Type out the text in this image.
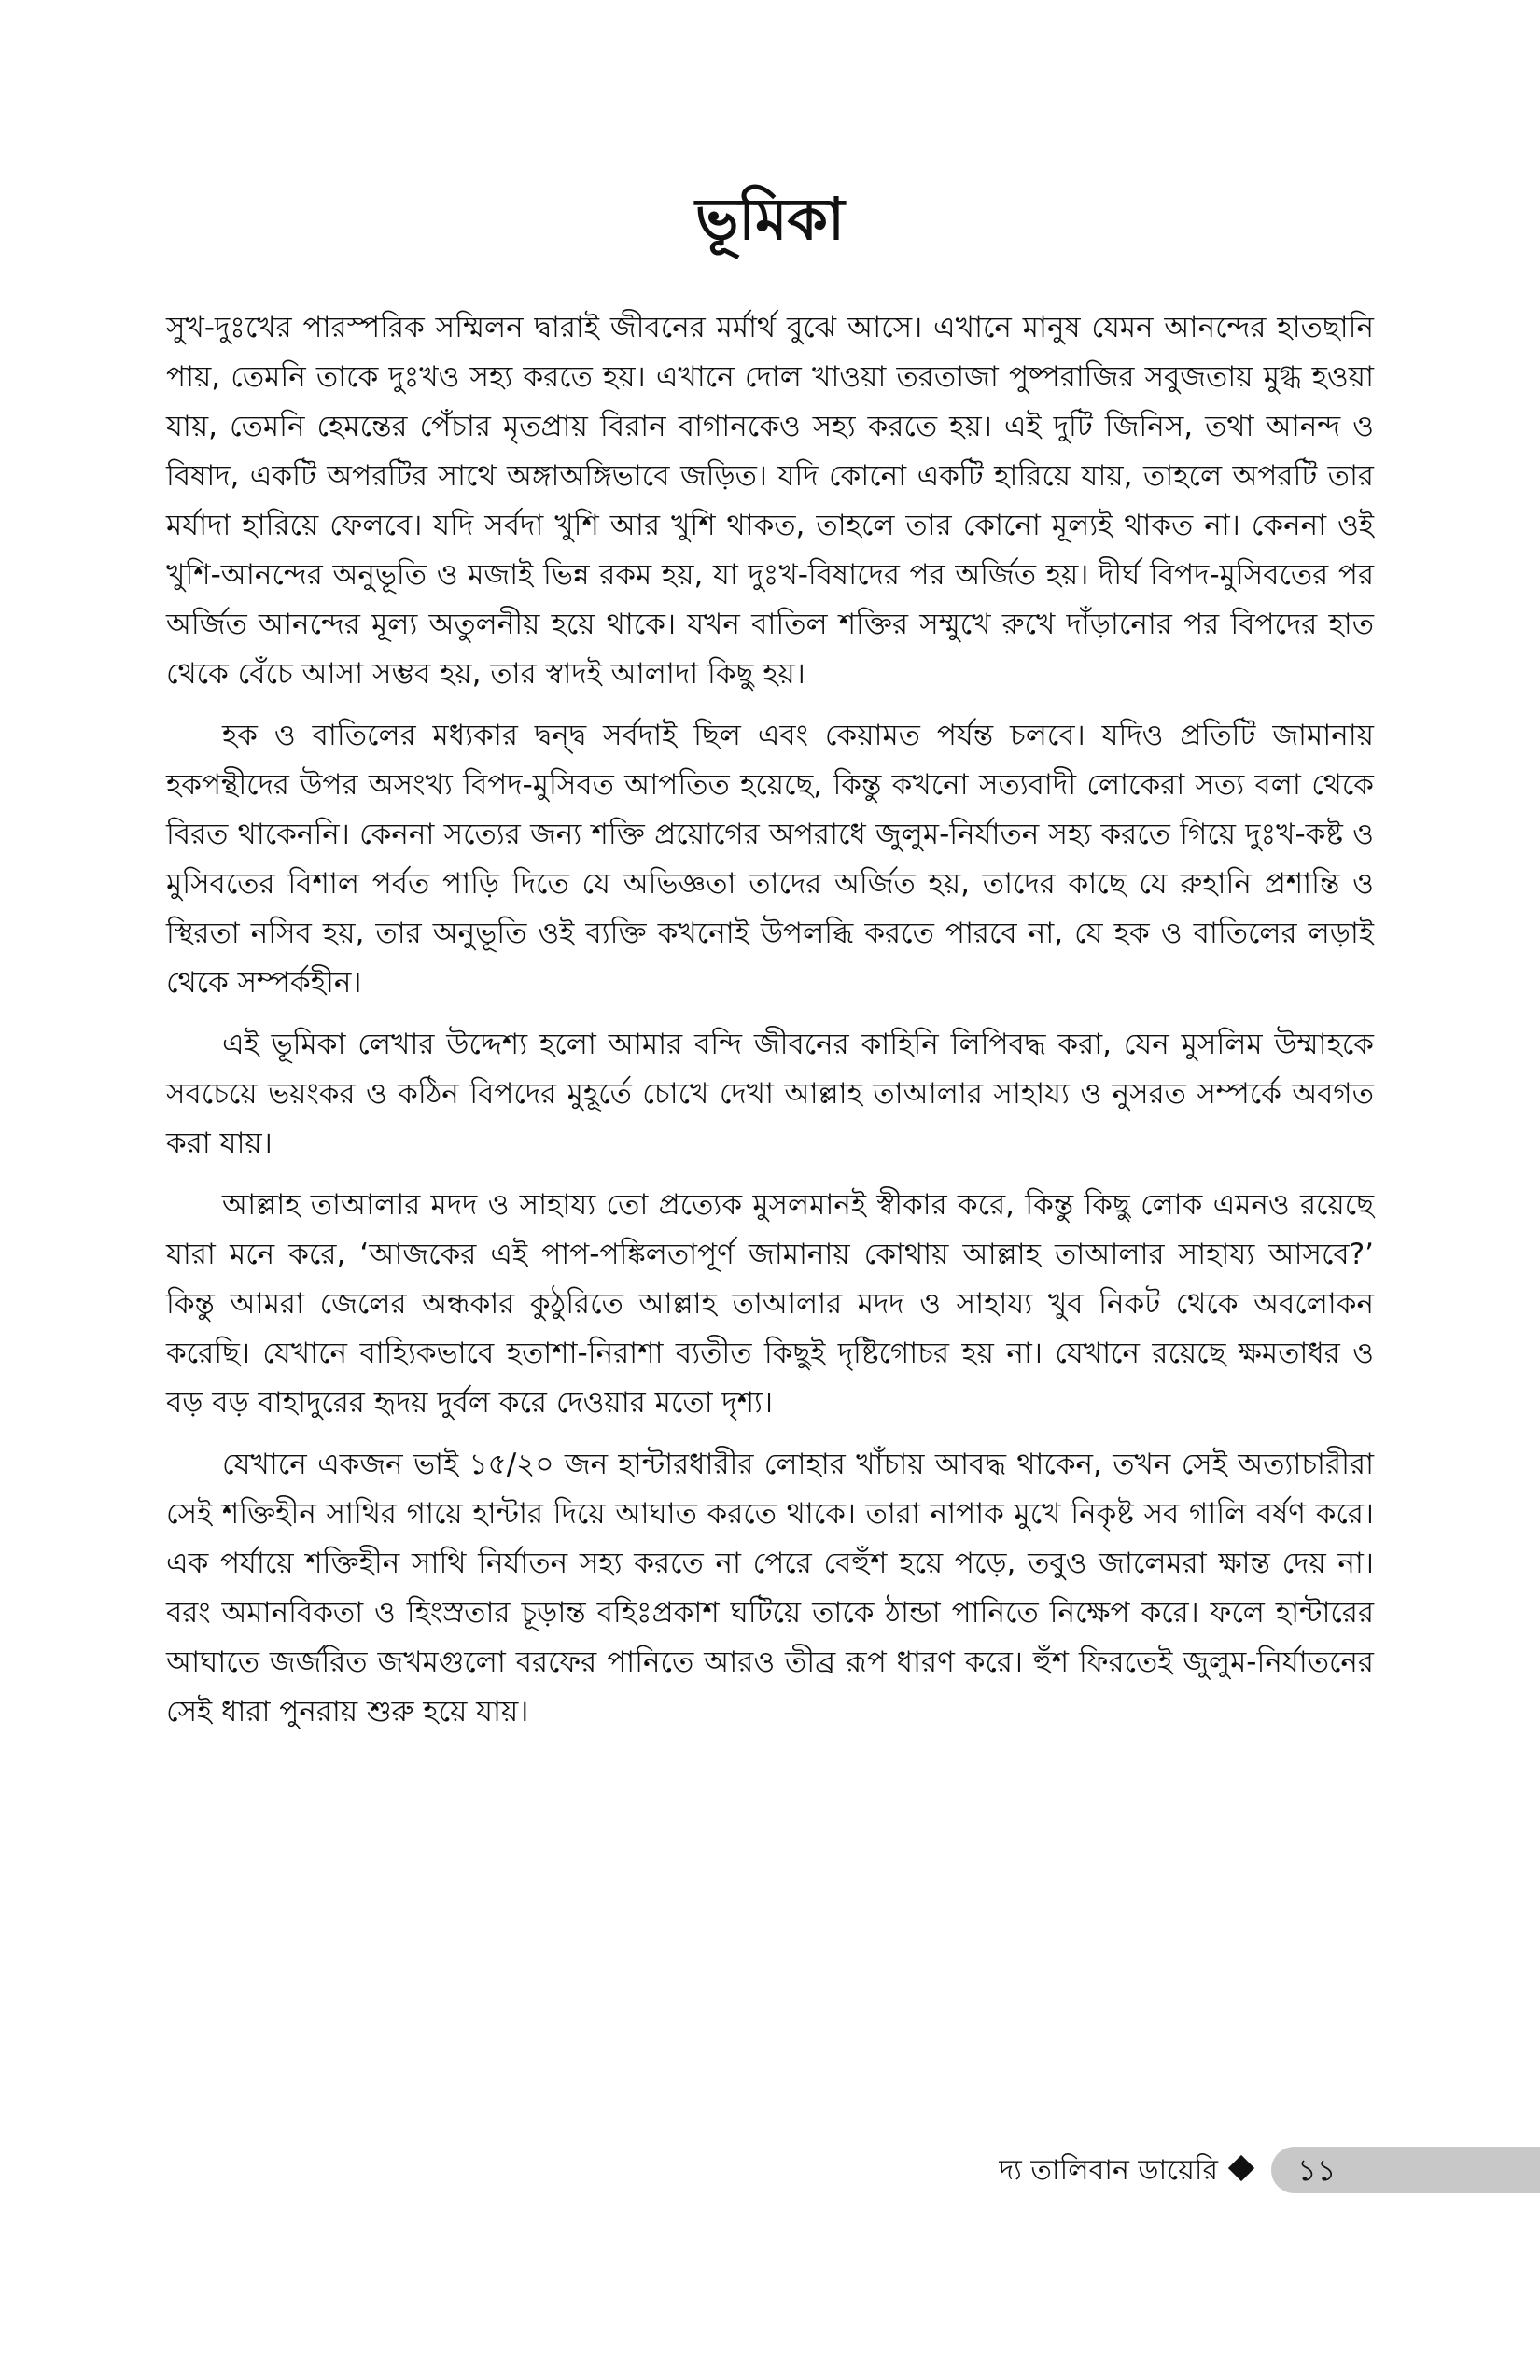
ভূমিকা

সুখ-দুঃখের পারস্পরিক সম্মিলন দ্বারাই জীবনের মর্মার্থ বুঝে আসে। এখানে মানুষ যেমন আনন্দের হাতছানি পায়, তেমনি তাকে দুঃখও সহ্য করতে হয়। এখানে দোল খাওয়া তরতাজা পুষ্পরাজির সবুজতায় মুগ্ধ হওয়া যায়, তেমনি হেমন্তের পেঁচার মৃতপ্রায় বিরান বাগানকেও সহ্য করতে হয়। এই দুটি জিনিস, তথা আনন্দ ও বিষাদ, একটি অপরটির সাথে অঙ্গাঅঙ্গিভাবে জড়িত। যদি কোনো একটি হারিয়ে যায়, তাহলে অপরটি তার মর্যাদা হারিয়ে ফেলবে। যদি সর্বদা খুশি আর খুশি থাকত, তাহলে তার কোনো মূল্যই থাকত না। কেননা ওই খুশি-আনন্দের অনুভূতি ও মজাই ভিন্ন রকম হয়, যা দুঃখ-বিষাদের পর অর্জিত হয়। দীর্ঘ বিপদ-মুসিবতের পর অর্জিত আনন্দের মূল্য অতুলনীয় হয়ে থাকে। যখন বাতিল শক্তির সম্মুখে রুখে দাঁড়ানোর পর বিপদের হাত থেকে বেঁচে আসা সম্ভব হয়, তার স্বাদই আলাদা কিছু হয়।

হক ও বাতিলের মধ্যকার দ্বন্দ্ব সর্বদাই ছিল এবং কেয়ামত পর্যন্ত চলবে। যদিও প্রতিটি জামানায় হকপন্থীদের উপর অসংখ্য বিপদ-মুসিবত আপতিত হয়েছে, কিন্তু কখনো সত্যবাদী লোকেরা সত্য বলা থেকে বিরত থাকেননি। কেননা সত্যের জন্য শক্তি প্রয়োগের অপরাধে জুলুম-নির্যাতন সহ্য করতে গিয়ে দুঃখ-কষ্ট ও মুসিবতের বিশাল পর্বত পাড়ি দিতে যে অভিজ্ঞতা তাদের অর্জিত হয়, তাদের কাছে যে রুহানি প্রশান্তি ও স্থিরতা নসিব হয়, তার অনুভূতি ওই ব্যক্তি কখনোই উপলব্ধি করতে পারবে না, যে হক ও বাতিলের লড়াই থেকে সম্পর্কহীন।

এই ভূমিকা লেখার উদ্দেশ্য হলো আমার বন্দি জীবনের কাহিনি লিপিবদ্ধ করা, যেন মুসলিম উম্মাহকে সবচেয়ে ভয়ংকর ও কঠিন বিপদের মুহূর্তে চোখে দেখা আল্লাহ তাআলার সাহায্য ও নুসরত সম্পর্কে অবগত করা যায়।

আল্লাহ তাআলার মদদ ও সাহায্য তো প্রত্যেক মুসলমানই স্বীকার করে, কিন্তু কিছু লোক এমনও রয়েছে যারা মনে করে, ‘আজকের এই পাপ-পঙ্কিলতাপূর্ণ জামানায় কোথায় আল্লাহ তাআলার সাহায্য আসবে?’ কিন্তু আমরা জেলের অন্ধকার কুঠুরিতে আল্লাহ তাআলার মদদ ও সাহায্য খুব নিকট থেকে অবলোকন করেছি। যেখানে বাহ্যিকভাবে হতাশা-নিরাশা ব্যতীত কিছুই দৃষ্টিগোচর হয় না। যেখানে রয়েছে ক্ষমতাধর ও বড় বড় বাহাদুরের হৃদয় দুর্বল করে দেওয়ার মতো দৃশ্য।

যেখানে একজন ভাই ১৫/২০ জন হান্টারধারীর লোহার খাঁচায় আবদ্ধ থাকেন, তখন সেই অত্যাচারীরা সেই শক্তিহীন সাথির গায়ে হান্টার দিয়ে আঘাত করতে থাকে। তারা নাপাক মুখে নিকৃষ্ট সব গালি বর্ষণ করে। এক পর্যায়ে শক্তিহীন সাথি নির্যাতন সহ্য করতে না পেরে বেহুঁশ হয়ে পড়ে, তবুও জালেমরা ক্ষান্ত দেয় না। বরং অমানবিকতা ও হিংস্রতার চূড়ান্ত বহিঃপ্রকাশ ঘটিয়ে তাকে ঠান্ডা পানিতে নিক্ষেপ করে। ফলে হান্টারের আঘাতে জর্জরিত জখমগুলো বরফের পানিতে আরও তীব্র রূপ ধারণ করে। হুঁশ ফিরতেই জুলুম-নির্যাতনের সেই ধারা পুনরায় শুরু হয়ে যায়।

দ্য তালিবান ডায়েরি	১১
